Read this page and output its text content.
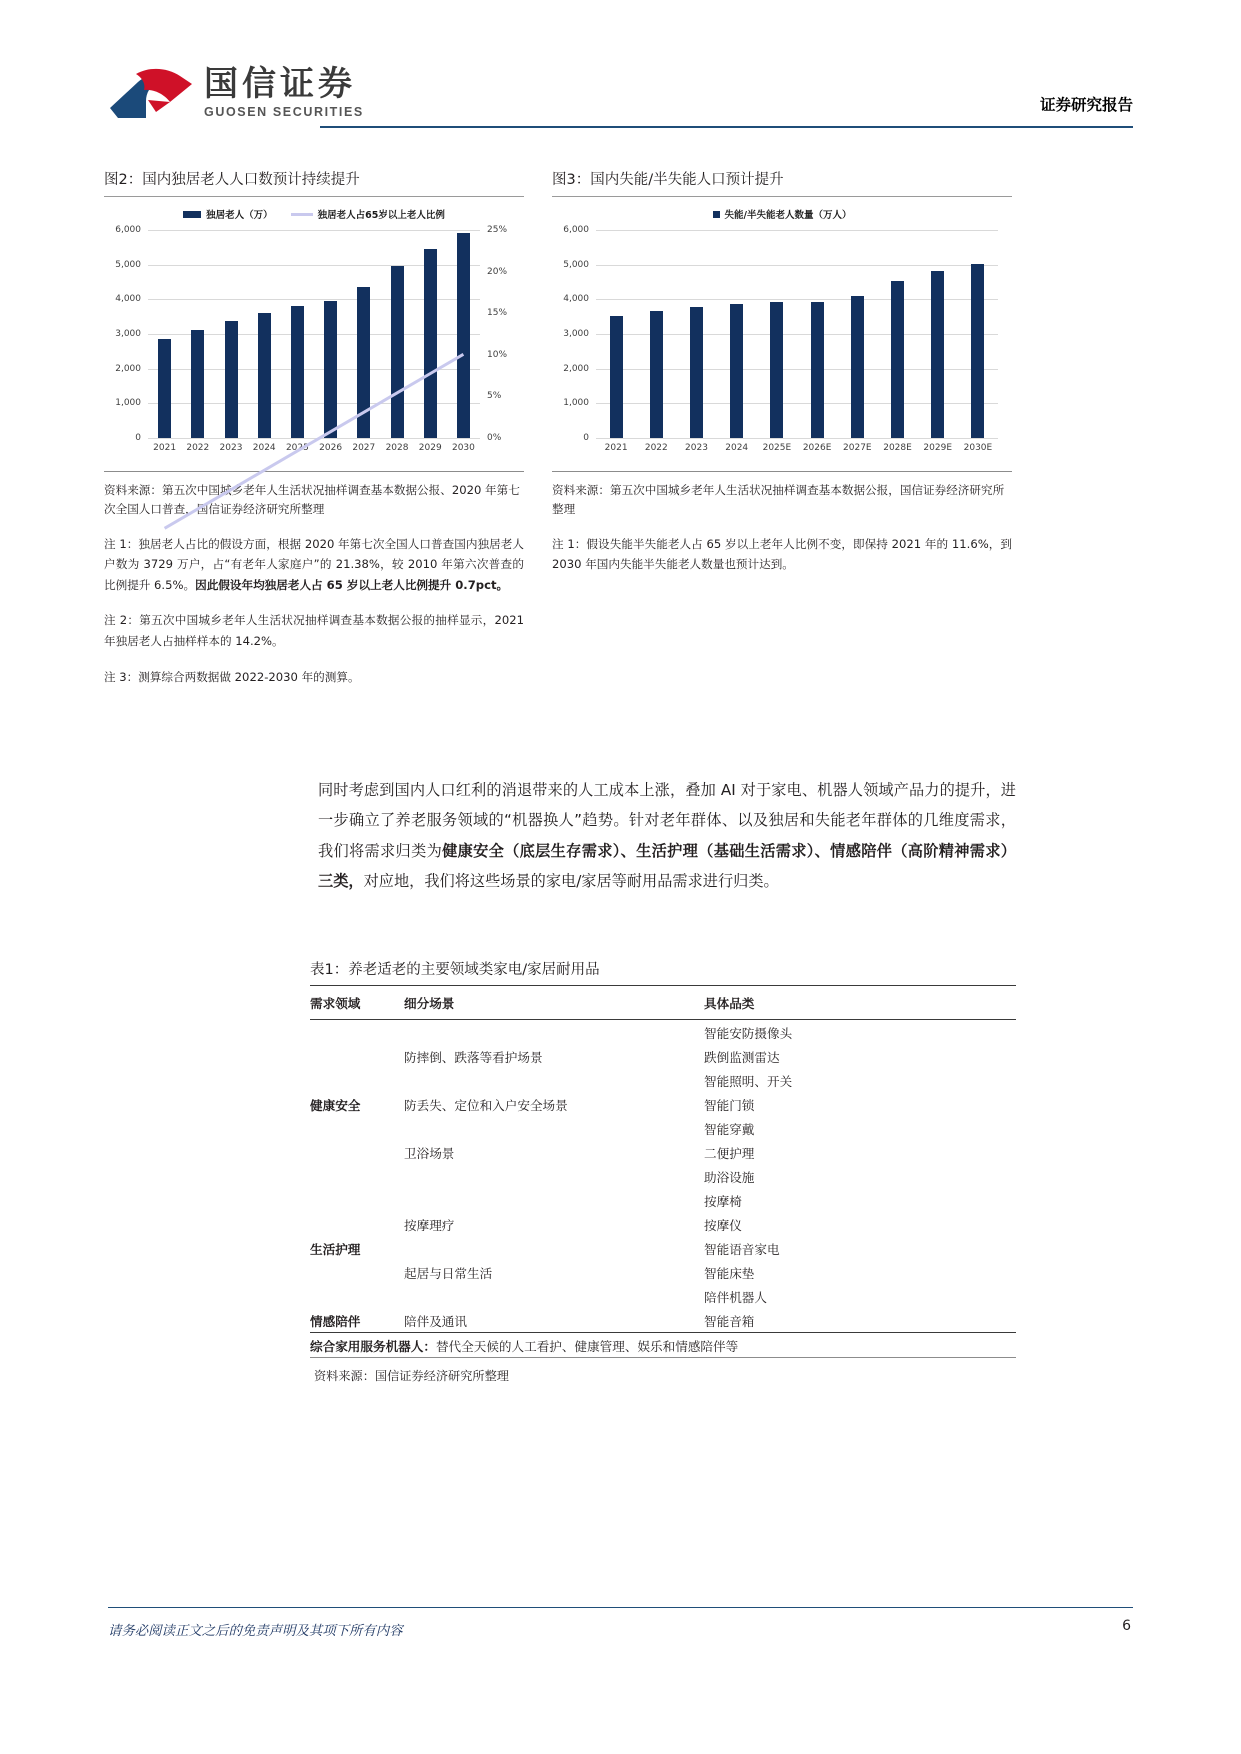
国信证券
GUOSEN SECURITIES	证券研究报告
图2：国内独居老人人口数预计持续提升
独居老人（万）	独居老人占65岁以上老人比例
0
1,000
2,000
3,000
4,000
5,000
6,000
0%
5%
10%
15%
20%
25%
2021	2022	2023	2024	2025	2026	2027	2028	2029	2030
资料来源：第五次中国城乡老年人生活状况抽样调查基本数据公报、2020 年第七次全国人口普查，国信证券经济研究所整理
注 1：独居老人占比的假设方面，根据 2020 年第七次全国人口普查国内独居老人户数为 3729 万户，占“有老年人家庭户”的 21.38%，较 2010 年第六次普查的比例提升 6.5%。因此假设年均独居老人占 65 岁以上老人比例提升 0.7pct。
注 2：第五次中国城乡老年人生活状况抽样调查基本数据公报的抽样显示，2021 年独居老人占抽样样本的 14.2%。
注 3：测算综合两数据做 2022-2030 年的测算。
图3：国内失能/半失能人口预计提升
失能/半失能老人数量（万人）
0
1,000
2,000
3,000
4,000
5,000
6,000
2021	2022	2023	2024	2025E	2026E	2027E	2028E	2029E	2030E
资料来源：第五次中国城乡老年人生活状况抽样调查基本数据公报，国信证券经济研究所整理
注 1：假设失能半失能老人占 65 岁以上老年人比例不变，即保持 2021 年的 11.6%，到 2030 年国内失能半失能老人数量也预计达到。
同时考虑到国内人口红利的消退带来的人工成本上涨，叠加 AI 对于家电、机器人领域产品力的提升，进一步确立了养老服务领域的“机器换人”趋势。针对老年群体、以及独居和失能老年群体的几维度需求，我们将需求归类为健康安全（底层生存需求）、生活护理（基础生活需求）、情感陪伴（高阶精神需求）三类，对应地，我们将这些场景的家电/家居等耐用品需求进行归类。
表1：养老适老的主要领域类家电/家居耐用品
需求领域	细分场景	具体品类
		智能安防摄像头
	防摔倒、跌落等看护场景	跌倒监测雷达
		智能照明、开关
健康安全	防丢失、定位和入户安全场景	智能门锁
		智能穿戴
	卫浴场景	二便护理
		助浴设施
		按摩椅
	按摩理疗	按摩仪
生活护理		智能语音家电
	起居与日常生活	智能床垫
		陪伴机器人
情感陪伴	陪伴及通讯	智能音箱
综合家用服务机器人：替代全天候的人工看护、健康管理、娱乐和情感陪伴等		
资料来源：国信证券经济研究所整理
请务必阅读正文之后的免责声明及其项下所有内容	6
